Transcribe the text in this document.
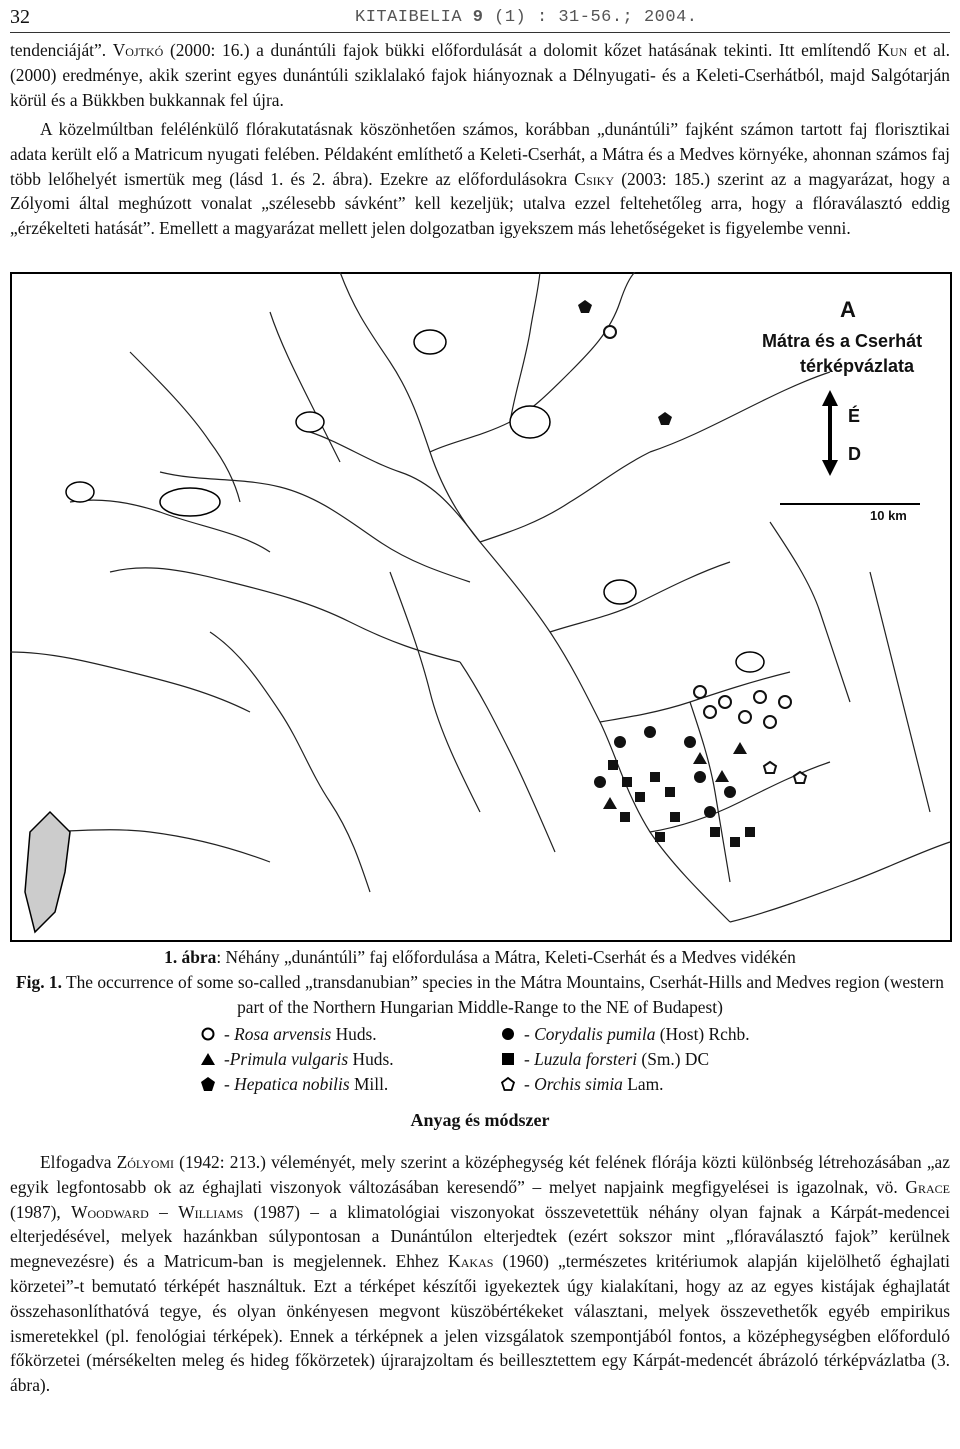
32	KITAIBELIA 9 (1) : 31-56.; 2004.

tendenciáját”. Vojtkó (2000: 16.) a dunántúli fajok bükki előfordulását a dolomit kőzet hatásának tekinti. Itt említendő Kun et al. (2000) eredménye, akik szerint egyes dunántúli sziklalakó fajok hiányoznak a Délnyugati- és a Keleti-Cserhátból, majd Salgótarján körül és a Bükkben bukkannak fel újra.

A közelmúltban felélénkülő flórakutatásnak köszönhetően számos, korábban „dunántúli” fajként számon tartott faj florisztikai adata került elő a Matricum nyugati felében. Példaként említhető a Keleti-Cserhát, a Mátra és a Medves környéke, ahonnan számos faj több lelőhelyét ismertük meg (lásd 1. és 2. ábra). Ezekre az előfordulásokra Csiky (2003: 185.) szerint az a magyarázat, hogy a Zólyomi által meghúzott vonalat „szélesebb sávként” kell kezeljük; utalva ezzel feltehetőleg arra, hogy a flóraválasztó eddig „érzékelteti hatását”. Emellett a magyarázat mellett jelen dolgozatban igyekszem más lehetőségeket is figyelembe venni.

A
Mátra és a Cserhát
térképvázlata
É
D
10 km

1. ábra: Néhány „dunántúli” faj előfordulása a Mátra, Keleti-Cserhát és a Medves vidékén

Fig. 1. The occurrence of some so-called „transdanubian” species in the Mátra Mountains, Cserhát-Hills and Medves region (western part of the Northern Hungarian Middle-Range to the NE of Budapest)

- Rosa arvensis Huds.	- Corydalis pumila (Host) Rchb.
-Primula vulgaris Huds.	- Luzula forsteri (Sm.) DC
- Hepatica nobilis Mill.	- Orchis simia Lam.
Anyag és módszer

Elfogadva Zólyomi (1942: 213.) véleményét, mely szerint a középhegység két felének flórája közti különbség létrehozásában „az egyik legfontosabb ok az éghajlati viszonyok változásában keresendő” – melyet napjaink megfigyelései is igazolnak, vö. Grace (1987), Woodward – Williams (1987) – a klimatológiai viszonyokat összevetettük néhány olyan fajnak a Kárpát-medencei elterjedésével, melyek hazánkban súlypontosan a Dunántúlon elterjedtek (ezért sokszor mint „flóraválasztó fajok” kerülnek megnevezésre) és a Matricum-ban is megjelennek. Ehhez Kakas (1960) „természetes kritériumok alapján kijelölhető éghajlati körzetei”-t bemutató térképét használtuk. Ezt a térképet készítői igyekeztek úgy kialakítani, hogy az az egyes kistájak éghajlatát összehasonlíthatóvá tegye, és olyan önkényesen megvont küszöbértékeket választani, melyek összevethetők egyéb empirikus ismeretekkel (pl. fenológiai térképek). Ennek a térképnek a jelen vizsgálatok szempontjából fontos, a középhegységben előforduló főkörzetei (mérsékelten meleg és hideg főkörzetek) újrarajzoltam és beillesztettem egy Kárpát-medencét ábrázoló térképvázlatba (3. ábra).
